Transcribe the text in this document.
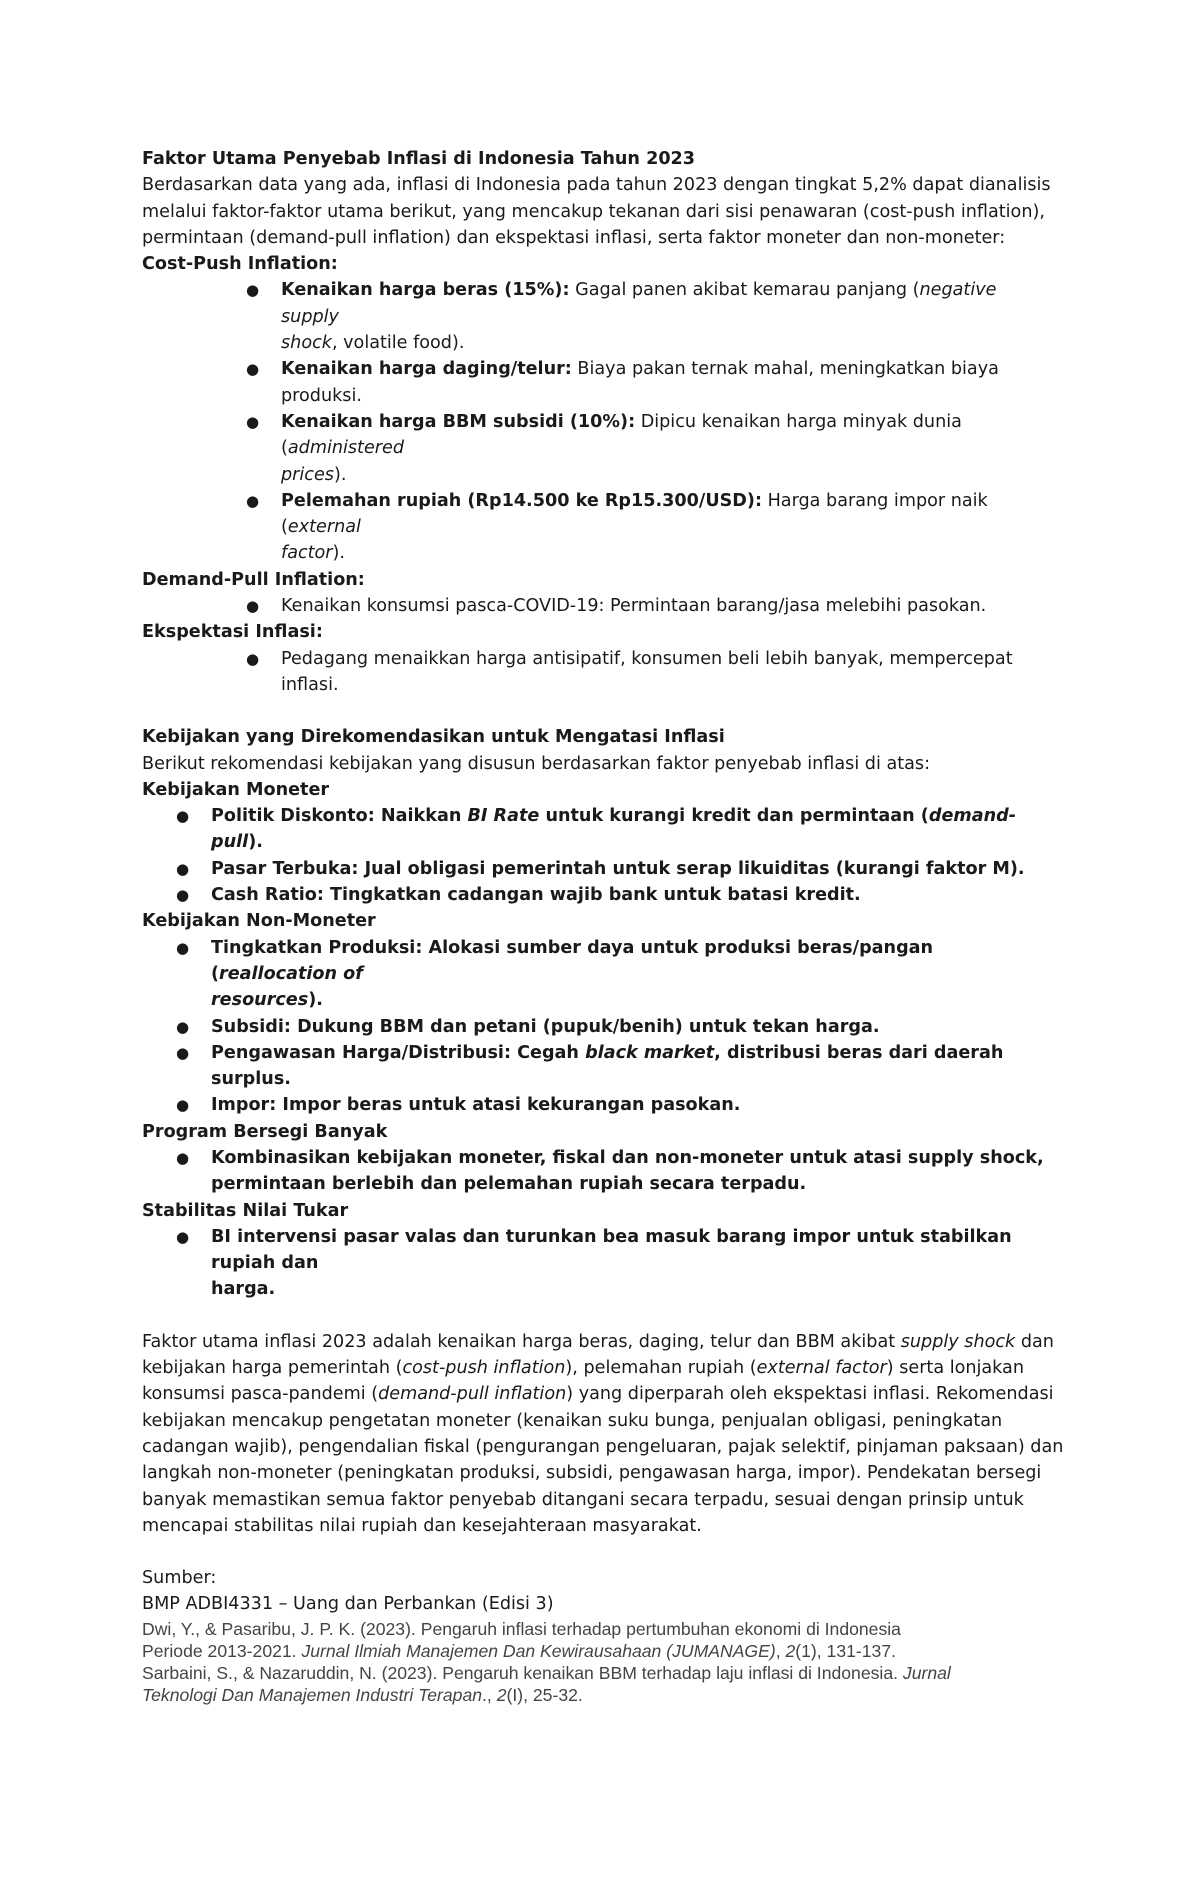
Faktor Utama Penyebab Inflasi di Indonesia Tahun 2023
Berdasarkan data yang ada, inflasi di Indonesia pada tahun 2023 dengan tingkat 5,2% dapat dianalisis
melalui faktor-faktor utama berikut, yang mencakup tekanan dari sisi penawaran (cost-push inflation),
permintaan (demand-pull inflation) dan ekspektasi inflasi, serta faktor moneter dan non-moneter:
Cost-Push Inflation:
● Kenaikan harga beras (15%): Gagal panen akibat kemarau panjang (negative supply
shock, volatile food).
● Kenaikan harga daging/telur: Biaya pakan ternak mahal, meningkatkan biaya produksi.
● Kenaikan harga BBM subsidi (10%): Dipicu kenaikan harga minyak dunia (administered
prices).
● Pelemahan rupiah (Rp14.500 ke Rp15.300/USD): Harga barang impor naik (external
factor).
Demand-Pull Inflation:
● Kenaikan konsumsi pasca-COVID-19: Permintaan barang/jasa melebihi pasokan.
Ekspektasi Inflasi:
● Pedagang menaikkan harga antisipatif, konsumen beli lebih banyak, mempercepat
inflasi.
Kebijakan yang Direkomendasikan untuk Mengatasi Inflasi
Berikut rekomendasi kebijakan yang disusun berdasarkan faktor penyebab inflasi di atas:
Kebijakan Moneter
● Politik Diskonto: Naikkan BI Rate untuk kurangi kredit dan permintaan (demand-pull).
● Pasar Terbuka: Jual obligasi pemerintah untuk serap likuiditas (kurangi faktor M).
● Cash Ratio: Tingkatkan cadangan wajib bank untuk batasi kredit.
Kebijakan Non-Moneter
● Tingkatkan Produksi: Alokasi sumber daya untuk produksi beras/pangan (reallocation of
resources).
● Subsidi: Dukung BBM dan petani (pupuk/benih) untuk tekan harga.
● Pengawasan Harga/Distribusi: Cegah black market, distribusi beras dari daerah surplus.
● Impor: Impor beras untuk atasi kekurangan pasokan.
Program Bersegi Banyak
● Kombinasikan kebijakan moneter, fiskal dan non-moneter untuk atasi supply shock,
permintaan berlebih dan pelemahan rupiah secara terpadu.
Stabilitas Nilai Tukar
● BI intervensi pasar valas dan turunkan bea masuk barang impor untuk stabilkan rupiah dan
harga.
Faktor utama inflasi 2023 adalah kenaikan harga beras, daging, telur dan BBM akibat supply shock dan
kebijakan harga pemerintah (cost-push inflation), pelemahan rupiah (external factor) serta lonjakan
konsumsi pasca-pandemi (demand-pull inflation) yang diperparah oleh ekspektasi inflasi. Rekomendasi
kebijakan mencakup pengetatan moneter (kenaikan suku bunga, penjualan obligasi, peningkatan
cadangan wajib), pengendalian fiskal (pengurangan pengeluaran, pajak selektif, pinjaman paksaan) dan
langkah non-moneter (peningkatan produksi, subsidi, pengawasan harga, impor). Pendekatan bersegi
banyak memastikan semua faktor penyebab ditangani secara terpadu, sesuai dengan prinsip untuk
mencapai stabilitas nilai rupiah dan kesejahteraan masyarakat.
Sumber:
BMP ADBI4331 – Uang dan Perbankan (Edisi 3)
Dwi, Y., & Pasaribu, J. P. K. (2023). Pengaruh inflasi terhadap pertumbuhan ekonomi di Indonesia
Periode 2013-2021. Jurnal Ilmiah Manajemen Dan Kewirausahaan (JUMANAGE), 2(1), 131-137.
Sarbaini, S., & Nazaruddin, N. (2023). Pengaruh kenaikan BBM terhadap laju inflasi di Indonesia. Jurnal
Teknologi Dan Manajemen Industri Terapan., 2(I), 25-32.
